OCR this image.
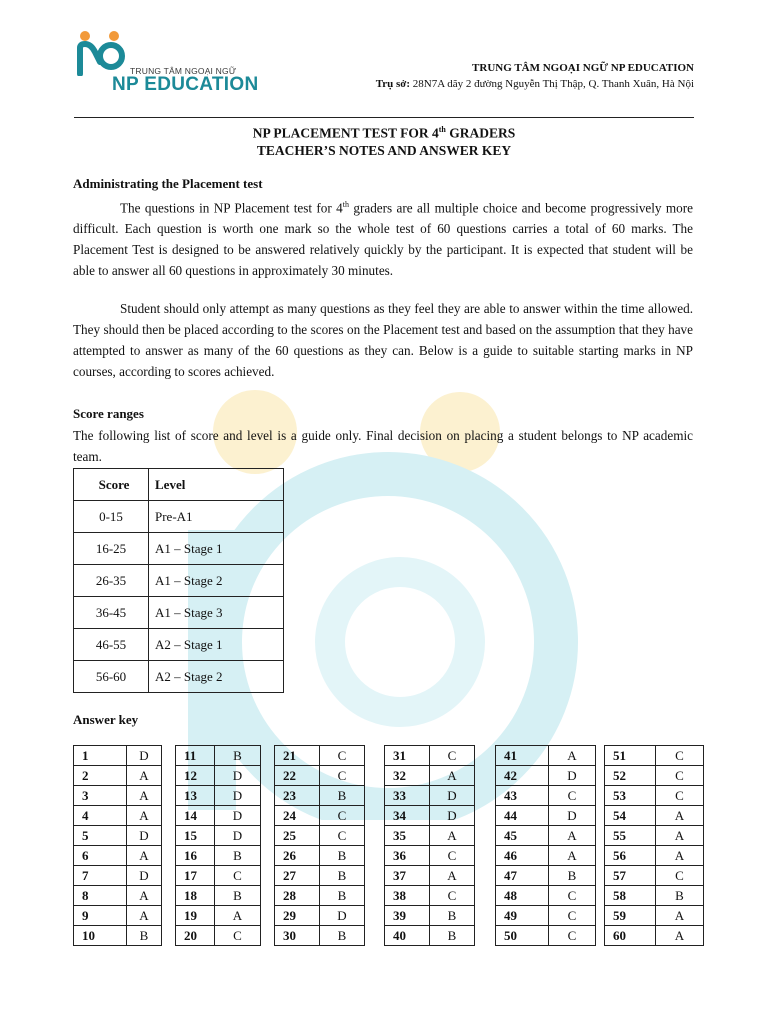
TRUNG TÂM NGOẠI NGỮ
NP EDUCATION
TRUNG TÂM NGOẠI NGỮ NP EDUCATION
Trụ sở: 28N7A dãy 2 đường Nguyễn Thị Thập, Q. Thanh Xuân, Hà Nội
NP PLACEMENT TEST FOR 4th GRADERS
TEACHER’S NOTES AND ANSWER KEY
Administrating the Placement test
The questions in NP Placement test for 4th graders are all multiple choice and become progressively more difficult. Each question is worth one mark so the whole test of 60 questions carries a total of 60 marks. The Placement Test is designed to be answered relatively quickly by the participant. It is expected that student will be able to answer all 60 questions in approximately 30 minutes.
Student should only attempt as many questions as they feel they are able to answer within the time allowed. They should then be placed according to the scores on the Placement test and based on the assumption that they have attempted to answer as many of the 60 questions as they can. Below is a guide to suitable starting marks in NP courses, according to scores achieved.
Score ranges
The following list of score and level is a guide only. Final decision on placing a student belongs to NP academic team.
Score	Level
0-15	Pre-A1
16-25	A1 – Stage 1
26-35	A1 – Stage 2
36-45	A1 – Stage 3
46-55	A2 – Stage 1
56-60	A2 – Stage 2
Answer key
1	D
2	A
3	A
4	A
5	D
6	A
7	D
8	A
9	A
10	B
11	B
12	D
13	D
14	D
15	D
16	B
17	C
18	B
19	A
20	C
21	C
22	C
23	B
24	C
25	C
26	B
27	B
28	B
29	D
30	B
31	C
32	A
33	D
34	D
35	A
36	C
37	A
38	C
39	B
40	B
41	A
42	D
43	C
44	D
45	A
46	A
47	B
48	C
49	C
50	C
51	C
52	C
53	C
54	A
55	A
56	A
57	C
58	B
59	A
60	A
